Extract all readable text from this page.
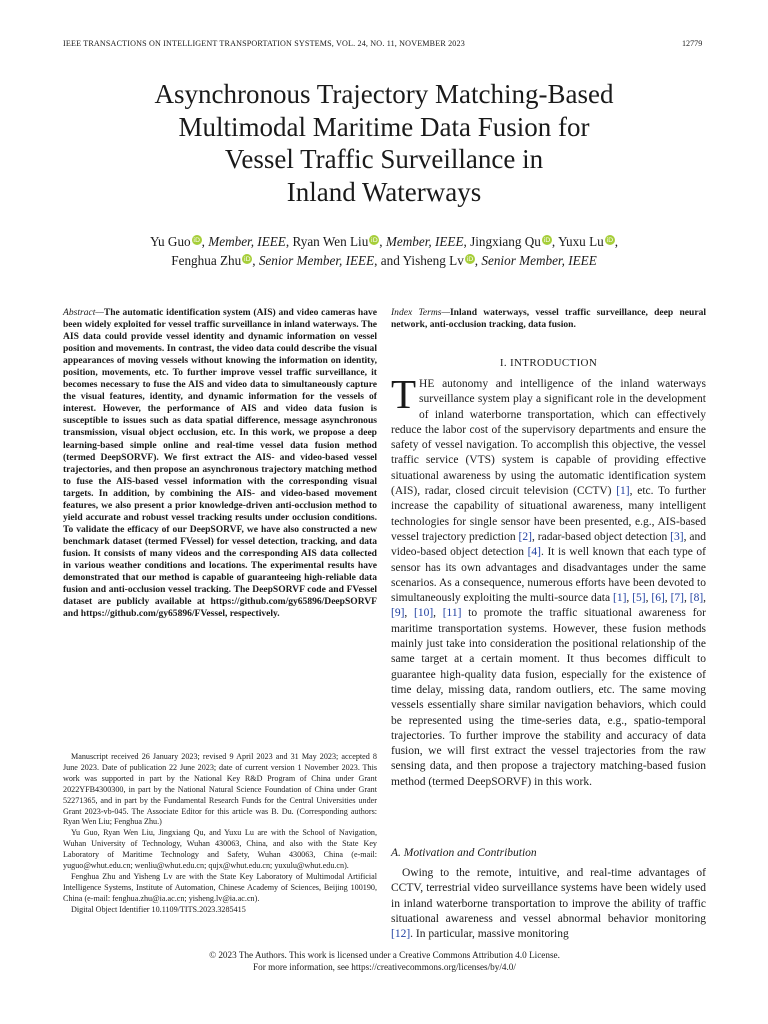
IEEE TRANSACTIONS ON INTELLIGENT TRANSPORTATION SYSTEMS, VOL. 24, NO. 11, NOVEMBER 2023	12779
Asynchronous Trajectory Matching-Based
Multimodal Maritime Data Fusion for
Vessel Traffic Surveillance in
Inland Waterways
Yu Guo iD , Member, IEEE, Ryan Wen Liu iD , Member, IEEE, Jingxiang Qu iD , Yuxu Lu iD ,
Fenghua Zhu iD , Senior Member, IEEE, and Yisheng Lv iD , Senior Member, IEEE
Abstract—The automatic identification system (AIS) and video cameras have been widely exploited for vessel traffic surveillance in inland waterways. The AIS data could provide vessel identity and dynamic information on vessel position and movements. In contrast, the video data could describe the visual appearances of moving vessels without knowing the information on identity, position, movements, etc. To further improve vessel traffic surveillance, it becomes necessary to fuse the AIS and video data to simultaneously capture the visual features, identity, and dynamic information for the vessels of interest. However, the performance of AIS and video data fusion is susceptible to issues such as data spatial difference, message asynchronous transmission, visual object occlusion, etc. In this work, we propose a deep learning-based simple online and real-time vessel data fusion method (termed DeepSORVF). We first extract the AIS- and video-based vessel trajectories, and then propose an asynchronous trajectory matching method to fuse the AIS-based vessel information with the corresponding visual targets. In addition, by combining the AIS- and video-based movement features, we also present a prior knowledge-driven anti-occlusion method to yield accurate and robust vessel tracking results under occlusion conditions. To validate the efficacy of our DeepSORVF, we have also constructed a new benchmark dataset (termed FVessel) for vessel detection, tracking, and data fusion. It consists of many videos and the corresponding AIS data collected in various weather conditions and locations. The experimental results have demonstrated that our method is capable of guaranteeing high-reliable data fusion and anti-occlusion vessel tracking. The DeepSORVF code and FVessel dataset are publicly available at https://github.com/gy65896/DeepSORVF and https://github.com/gy65896/FVessel, respectively.
Index Terms—Inland waterways, vessel traffic surveillance, deep neural network, anti-occlusion tracking, data fusion.
I. INTRODUCTION
THE autonomy and intelligence of the inland waterways surveillance system play a significant role in the development of inland waterborne transportation, which can effectively reduce the labor cost of the supervisory departments and ensure the safety of vessel navigation. To accomplish this objective, the vessel traffic service (VTS) system is capable of providing effective situational awareness by using the automatic identification system (AIS), radar, closed circuit television (CCTV) [1], etc. To further increase the capability of situational awareness, many intelligent technologies for single sensor have been presented, e.g., AIS-based vessel trajectory prediction [2], radar-based object detection [3], and video-based object detection [4]. It is well known that each type of sensor has its own advantages and disadvantages under the same scenarios. As a consequence, numerous efforts have been devoted to simultaneously exploiting the multi-source data [1], [5], [6], [7], [8], [9], [10], [11] to promote the traffic situational awareness for maritime transportation systems. However, these fusion methods mainly just take into consideration the positional relationship of the same target at a certain moment. It thus becomes difficult to guarantee high-quality data fusion, especially for the existence of time delay, missing data, random outliers, etc. The same moving vessels essentially share similar navigation behaviors, which could be represented using the time-series data, e.g., spatio-temporal trajectories. To further improve the stability and accuracy of data fusion, we will first extract the vessel trajectories from the raw sensing data, and then propose a trajectory matching-based fusion method (termed DeepSORVF) in this work.
A. Motivation and Contribution
Owing to the remote, intuitive, and real-time advantages of CCTV, terrestrial video surveillance systems have been widely used in inland waterborne transportation to improve the ability of traffic situational awareness and vessel abnormal behavior monitoring [12]. In particular, massive monitoring

Manuscript received 26 January 2023; revised 9 April 2023 and 31 May 2023; accepted 8 June 2023. Date of publication 22 June 2023; date of current version 1 November 2023. This work was supported in part by the National Key R&D Program of China under Grant 2022YFB4300300, in part by the National Natural Science Foundation of China under Grant 52271365, and in part by the Fundamental Research Funds for the Central Universities under Grant 2023-vb-045. The Associate Editor for this article was B. Du. (Corresponding authors: Ryan Wen Liu; Fenghua Zhu.)

Yu Guo, Ryan Wen Liu, Jingxiang Qu, and Yuxu Lu are with the School of Navigation, Wuhan University of Technology, Wuhan 430063, China, and also with the State Key Laboratory of Maritime Technology and Safety, Wuhan 430063, China (e-mail: yuguo@whut.edu.cn; wenliu@whut.edu.cn; qujx@whut.edu.cn; yuxulu@whut.edu.cn).

Fenghua Zhu and Yisheng Lv are with the State Key Laboratory of Multimodal Artificial Intelligence Systems, Institute of Automation, Chinese Academy of Sciences, Beijing 100190, China (e-mail: fenghua.zhu@ia.ac.cn; yisheng.lv@ia.ac.cn).

Digital Object Identifier 10.1109/TITS.2023.3285415

© 2023 The Authors. This work is licensed under a Creative Commons Attribution 4.0 License.
For more information, see https://creativecommons.org/licenses/by/4.0/
